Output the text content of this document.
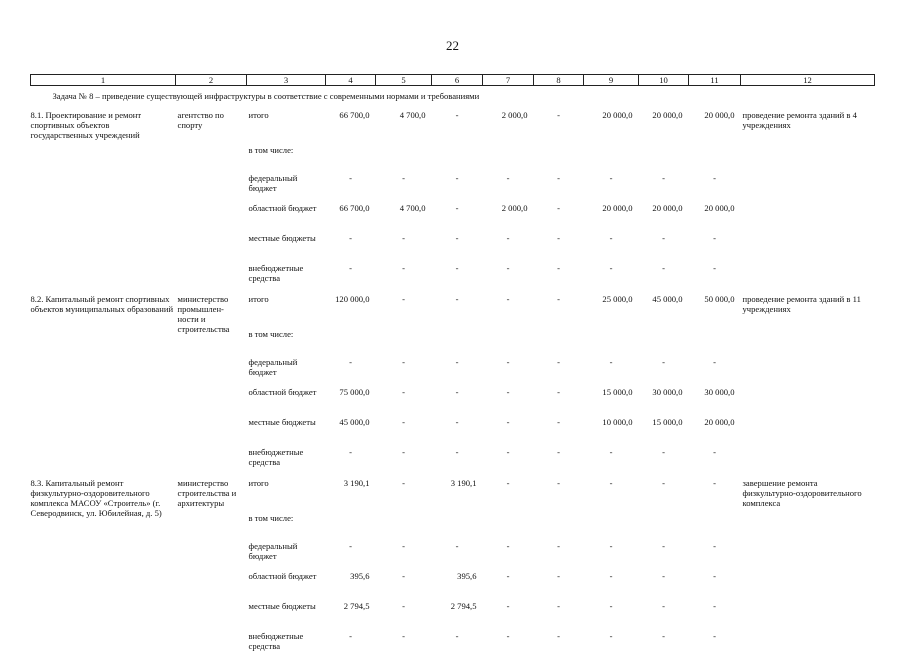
22
1	2	3	4	5	6	7	8	9	10	11	12
Задача № 8 – приведение существующей инфраструктуры в соответствие с современными нормами и требованиями											
8.1. Проектирование и ремонт спортивных объектов государственных учреждений	агентство по спорту	итого	66 700,0	4 700,0	-	2 000,0	-	20 000,0	20 000,0	20 000,0	проведение ремонта зданий в 4 учреждениях
		в том числе:									
		федеральный бюджет	-	-	-	-	-	-	-	-	
		областной бюджет	66 700,0	4 700,0	-	2 000,0	-	20 000,0	20 000,0	20 000,0	
		местные бюджеты	-	-	-	-	-	-	-	-	
		внебюджетные средства	-	-	-	-	-	-	-	-	
8.2. Капитальный ремонт спортивных объектов муниципальных образований	министерство промышлен- ности и строительства	итого	120 000,0	-	-	-	-	25 000,0	45 000,0	50 000,0	проведение ремонта зданий в 11 учреждениях
		в том числе:									
		федеральный бюджет	-	-	-	-	-	-	-	-	
		областной бюджет	75 000,0	-	-	-	-	15 000,0	30 000,0	30 000,0	
		местные бюджеты	45 000,0	-	-	-	-	10 000,0	15 000,0	20 000,0	
		внебюджетные средства	-	-	-	-	-	-	-	-	
8.3. Капитальный ремонт физкультурно-оздоровительного комплекса МАСОУ «Строитель» (г. Северодвинск, ул. Юбилейная, д. 5)	министерство строительства и архитектуры	итого	3 190,1	-	3 190,1	-	-	-	-	-	завершение ремонта физкультурно-оздоровительного комплекса
		в том числе:									
		федеральный бюджет	-	-	-	-	-	-	-	-	
		областной бюджет	395,6	-	395,6	-	-	-	-	-	
		местные бюджеты	2 794,5	-	2 794,5	-	-	-	-	-	
		внебюджетные средства	-	-	-	-	-	-	-	-	
